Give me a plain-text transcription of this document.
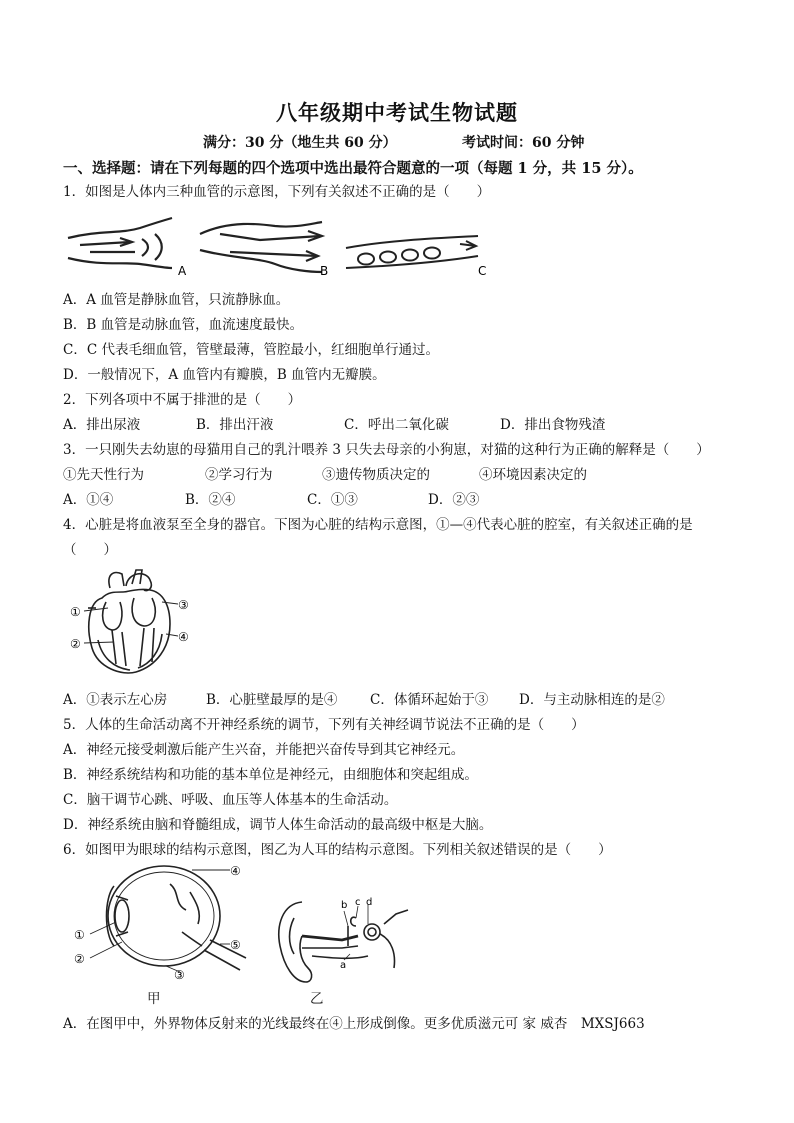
八年级期中考试生物试题
满分：30 分（地生共 60 分）	考试时间：60 分钟
一、选择题：请在下列每题的四个选项中选出最符合题意的一项（每题 1 分，共 15 分）。
1．如图是人体内三种血管的示意图，下列有关叙述不正确的是（　　）
A	B	C
A．A 血管是静脉血管，只流静脉血。
B．B 血管是动脉血管，血流速度最快。
C．C 代表毛细血管，管壁最薄，管腔最小，红细胞单行通过。
D．一般情况下，A 血管内有瓣膜，B 血管内无瓣膜。
2．下列各项中不属于排泄的是（　　）
A．排出尿液	B．排出汗液	C．呼出二氧化碳	D．排出食物残渣
3．一只刚失去幼崽的母猫用自己的乳汁喂养 3 只失去母亲的小狗崽，对猫的这种行为正确的解释是（　　）
①先天性行为	②学习行为	③遗传物质决定的	④环境因素决定的
A．①④	B．②④	C．①③	D．②③
4．心脏是将血液泵至全身的器官。下图为心脏的结构示意图，①—④代表心脏的腔室，有关叙述正确的是
（　　）
①
②
③
④
A．①表示左心房	B．心脏壁最厚的是④ C．体循环起始于③ D．与主动脉相连的是②
5．人体的生命活动离不开神经系统的调节，下列有关神经调节说法不正确的是（　　）
A．神经元接受刺激后能产生兴奋，并能把兴奋传导到其它神经元。
B．神经系统结构和功能的基本单位是神经元，由细胞体和突起组成。
C．脑干调节心跳、呼吸、血压等人体基本的生命活动。
D．神经系统由脑和脊髓组成，调节人体生命活动的最高级中枢是大脑。
6．如图甲为眼球的结构示意图，图乙为人耳的结构示意图。下列相关叙述错误的是（　　）
①
②
③
④
⑤
b c d
a
甲	乙
A．在图甲中，外界物体反射来的光线最终在④上形成倒像。更多优质滋元可 家 威杏　MXSJ663
